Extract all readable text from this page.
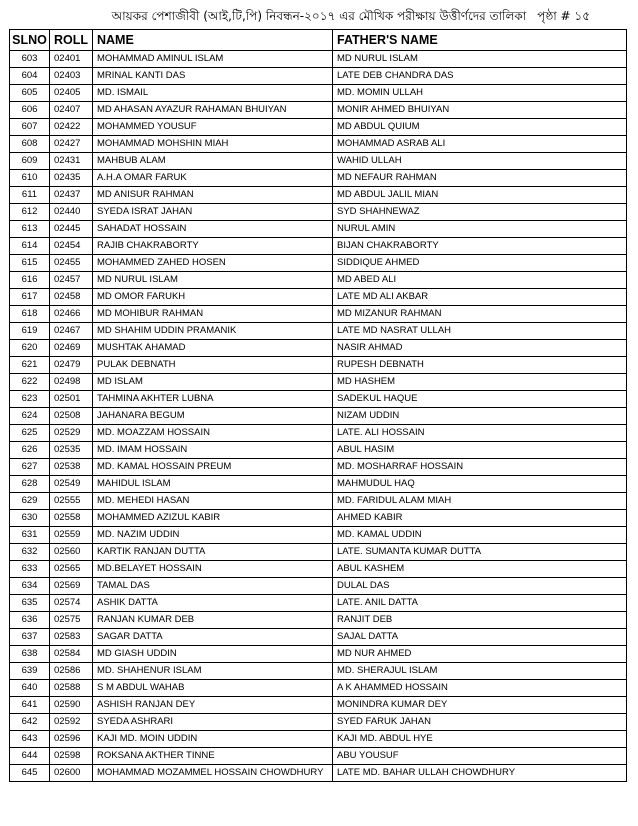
আয়কর পেশাজীবী (আই,টি,পি) নিবন্ধন-২০১৭ এর মৌখিক পরীক্ষায় উত্তীর্ণদের তালিকা পৃষ্ঠা # ১৫
SLNO	ROLL	NAME	FATHER'S NAME
603	02401	MOHAMMAD AMINUL ISLAM	MD NURUL ISLAM
604	02403	MRINAL KANTI DAS	LATE DEB CHANDRA DAS
605	02405	MD. ISMAIL	MD. MOMIN ULLAH
606	02407	MD AHASAN AYAZUR RAHAMAN BHUIYAN	MONIR AHMED BHUIYAN
607	02422	MOHAMMED YOUSUF	MD ABDUL QUIUM
608	02427	MOHAMMAD MOHSHIN MIAH	MOHAMMAD ASRAB ALI
609	02431	MAHBUB ALAM	WAHID ULLAH
610	02435	A.H.A OMAR FARUK	MD NEFAUR RAHMAN
611	02437	MD ANISUR RAHMAN	MD ABDUL JALIL MIAN
612	02440	SYEDA ISRAT JAHAN	SYD SHAHNEWAZ
613	02445	SAHADAT HOSSAIN	NURUL AMIN
614	02454	RAJIB CHAKRABORTY	BIJAN CHAKRABORTY
615	02455	MOHAMMED ZAHED HOSEN	SIDDIQUE AHMED
616	02457	MD NURUL ISLAM	MD ABED ALI
617	02458	MD OMOR FARUKH	LATE MD ALI AKBAR
618	02466	MD MOHIBUR RAHMAN	MD MIZANUR RAHMAN
619	02467	MD SHAHIM UDDIN PRAMANIK	LATE MD NASRAT ULLAH
620	02469	MUSHTAK AHAMAD	NASIR AHMAD
621	02479	PULAK DEBNATH	RUPESH DEBNATH
622	02498	MD ISLAM	MD HASHEM
623	02501	TAHMINA AKHTER LUBNA	SADEKUL HAQUE
624	02508	JAHANARA BEGUM	NIZAM UDDIN
625	02529	MD. MOAZZAM HOSSAIN	LATE. ALI HOSSAIN
626	02535	MD. IMAM HOSSAIN	ABUL HASIM
627	02538	MD. KAMAL HOSSAIN PREUM	MD. MOSHARRAF HOSSAIN
628	02549	MAHIDUL ISLAM	MAHMUDUL HAQ
629	02555	MD. MEHEDI HASAN	MD. FARIDUL ALAM MIAH
630	02558	MOHAMMED AZIZUL KABIR	AHMED KABIR
631	02559	MD. NAZIM UDDIN	MD. KAMAL UDDIN
632	02560	KARTIK RANJAN DUTTA	LATE. SUMANTA KUMAR DUTTA
633	02565	MD.BELAYET HOSSAIN	ABUL KASHEM
634	02569	TAMAL DAS	DULAL DAS
635	02574	ASHIK DATTA	LATE. ANIL DATTA
636	02575	RANJAN KUMAR DEB	RANJIT DEB
637	02583	SAGAR DATTA	SAJAL DATTA
638	02584	MD GIASH UDDIN	MD NUR AHMED
639	02586	MD. SHAHENUR ISLAM	MD. SHERAJUL ISLAM
640	02588	S M ABDUL WAHAB	A K AHAMMED HOSSAIN
641	02590	ASHISH RANJAN DEY	MONINDRA KUMAR DEY
642	02592	SYEDA ASHRARI	SYED FARUK JAHAN
643	02596	KAJI MD. MOIN UDDIN	KAJI MD. ABDUL HYE
644	02598	ROKSANA AKTHER TINNE	ABU YOUSUF
645	02600	MOHAMMAD MOZAMMEL HOSSAIN CHOWDHURY	LATE MD. BAHAR ULLAH CHOWDHURY
